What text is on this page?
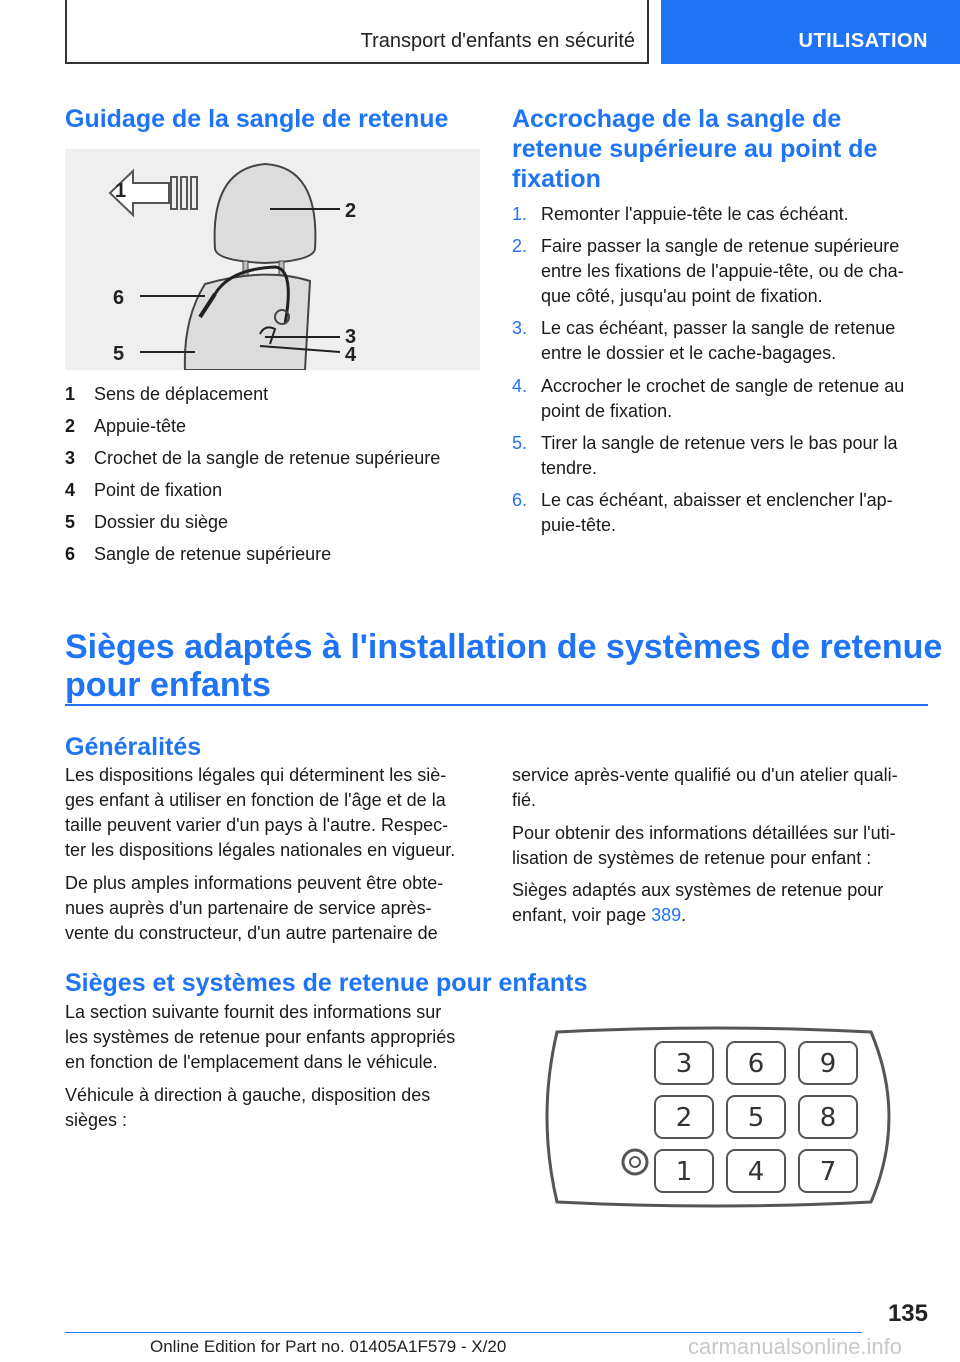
Transport d'enfants en sécurité	UTILISATION
Guidage de la sangle de retenue
1
2
6
3
5	4
1 Sens de déplacement
2 Appuie-tête
3 Crochet de la sangle de retenue supérieure
4 Point de fixation
5 Dossier du siège
6 Sangle de retenue supérieure
Accrochage de la sangle de
retenue supérieure au point de
fixation
1. Remonter l'appuie-tête le cas échéant.
2. Faire passer la sangle de retenue supérieure
entre les fixations de l'appuie-tête, ou de cha-
que côté, jusqu'au point de fixation.
3. Le cas échéant, passer la sangle de retenue
entre le dossier et le cache-bagages.
4. Accrocher le crochet de sangle de retenue au
point de fixation.
5. Tirer la sangle de retenue vers le bas pour la
tendre.
6. Le cas échéant, abaisser et enclencher l'ap-
puie-tête.
Sièges adaptés à l'installation de systèmes de retenue
pour enfants
Généralités

Les dispositions légales qui déterminent les siè-

ges enfant à utiliser en fonction de l'âge et de la

taille peuvent varier d'un pays à l'autre. Respec-

ter les dispositions légales nationales en vigueur.

De plus amples informations peuvent être obte-

nues auprès d'un partenaire de service après-

vente du constructeur, d'un autre partenaire de

service après-vente qualifié ou d'un atelier quali-

fié.

Pour obtenir des informations détaillées sur l'uti-

lisation de systèmes de retenue pour enfant :

Sièges adaptés aux systèmes de retenue pour

enfant, voir page 389.

Sièges et systèmes de retenue pour enfants

La section suivante fournit des informations sur

les systèmes de retenue pour enfants appropriés

en fonction de l'emplacement dans le véhicule.

Véhicule à direction à gauche, disposition des

sièges :

3 6 9
2 5 8
1 4 7
135
Online Edition for Part no. 01405A1F579 - X/20	carmanualsonline.info
